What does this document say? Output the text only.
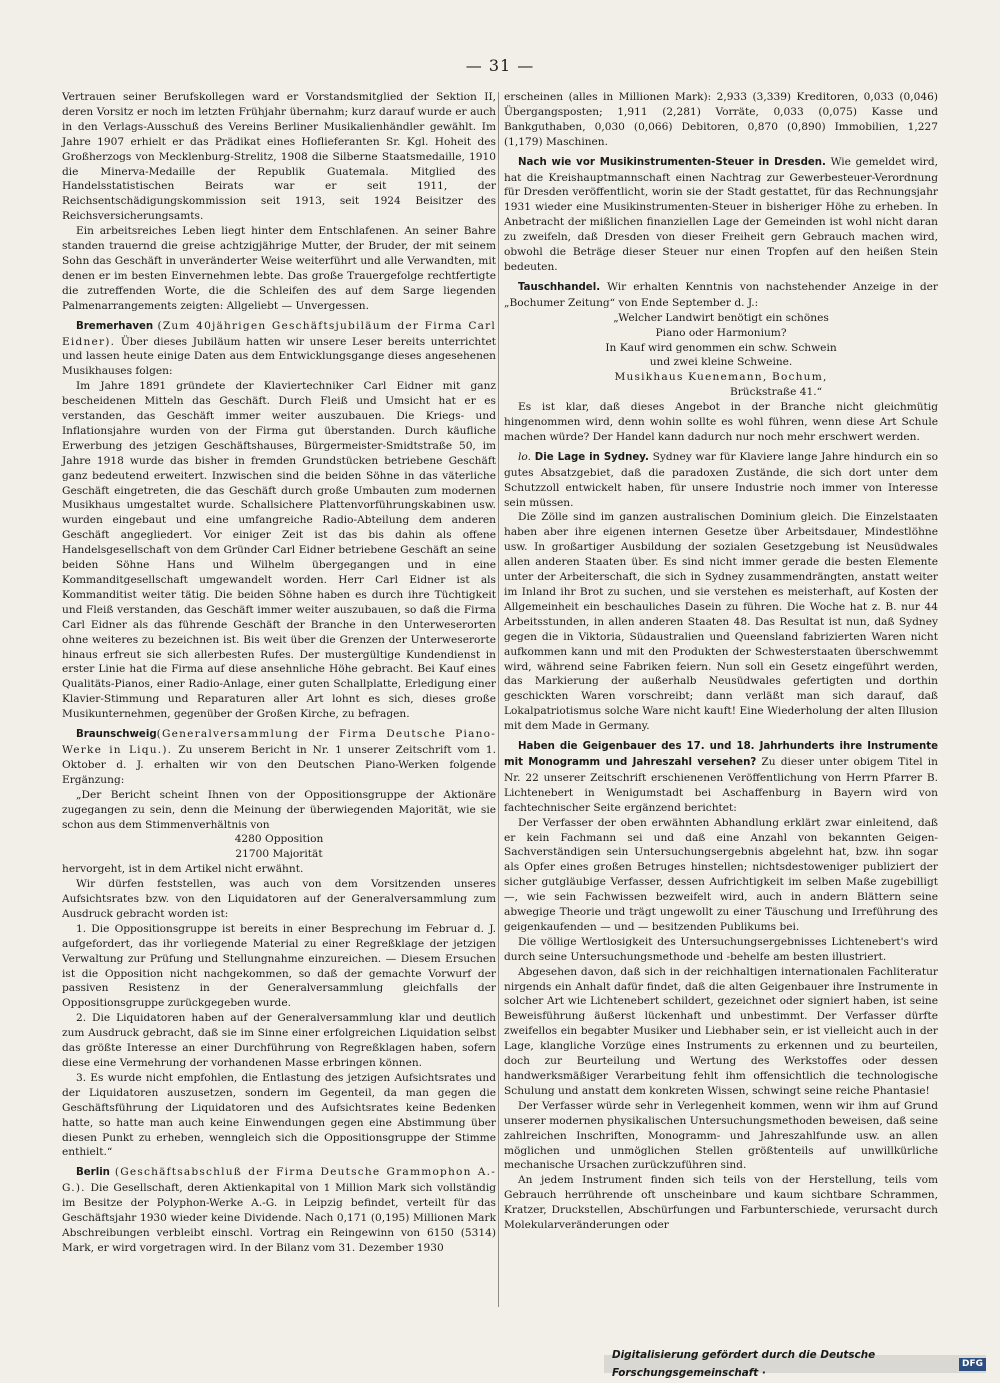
— 31 —

Vertrauen seiner Berufskollegen ward er Vorstandsmitglied der Sektion II, deren Vorsitz er noch im letzten Frühjahr übernahm; kurz darauf wurde er auch in den Verlags-Ausschuß des Vereins Berliner Musikalienhändler gewählt. Im Jahre 1907 erhielt er das Prädikat eines Hoflieferanten Sr. Kgl. Hoheit des Großherzogs von Mecklenburg-Strelitz, 1908 die Silberne Staatsmedaille, 1910 die Minerva-Medaille der Republik Guatemala. Mitglied des Handelsstatistischen Beirats war er seit 1911, der Reichsentschädigungskommission seit 1913, seit 1924 Beisitzer des Reichsversicherungsamts.

Ein arbeitsreiches Leben liegt hinter dem Entschlafenen. An seiner Bahre standen trauernd die greise achtzigjährige Mutter, der Bruder, der mit seinem Sohn das Geschäft in unveränderter Weise weiterführt und alle Verwandten, mit denen er im besten Einvernehmen lebte. Das große Trauergefolge rechtfertigte die zutreffenden Worte, die die Schleifen des auf dem Sarge liegenden Palmenarrangements zeigten: Allgeliebt — Unvergessen.

Bremerhaven (Zum 40jährigen Geschäftsjubiläum der Firma Carl Eidner). Über dieses Jubiläum hatten wir unsere Leser bereits unterrichtet und lassen heute einige Daten aus dem Entwicklungsgange dieses angesehenen Musikhauses folgen:

Im Jahre 1891 gründete der Klaviertechniker Carl Eidner mit ganz bescheidenen Mitteln das Geschäft. Durch Fleiß und Umsicht hat er es verstanden, das Geschäft immer weiter auszubauen. Die Kriegs- und Inflationsjahre wurden von der Firma gut überstanden. Durch käufliche Erwerbung des jetzigen Geschäftshauses, Bürgermeister-Smidtstraße 50, im Jahre 1918 wurde das bisher in fremden Grundstücken betriebene Geschäft ganz bedeutend erweitert. Inzwischen sind die beiden Söhne in das väterliche Geschäft eingetreten, die das Geschäft durch große Umbauten zum modernen Musikhaus umgestaltet wurde. Schallsichere Plattenvorführungskabinen usw. wurden eingebaut und eine umfangreiche Radio-Abteilung dem anderen Geschäft angegliedert. Vor einiger Zeit ist das bis dahin als offene Handelsgesellschaft von dem Gründer Carl Eidner betriebene Geschäft an seine beiden Söhne Hans und Wilhelm übergegangen und in eine Kommanditgesellschaft umgewandelt worden. Herr Carl Eidner ist als Kommanditist weiter tätig. Die beiden Söhne haben es durch ihre Tüchtigkeit und Fleiß verstanden, das Geschäft immer weiter auszubauen, so daß die Firma Carl Eidner als das führende Geschäft der Branche in den Unterweserorten ohne weiteres zu bezeichnen ist. Bis weit über die Grenzen der Unterweserorte hinaus erfreut sie sich allerbesten Rufes. Der mustergültige Kundendienst in erster Linie hat die Firma auf diese ansehnliche Höhe gebracht. Bei Kauf eines Qualitäts-Pianos, einer Radio-Anlage, einer guten Schallplatte, Erledigung einer Klavier-Stimmung und Reparaturen aller Art lohnt es sich, dieses große Musikunternehmen, gegenüber der Großen Kirche, zu befragen.

Braunschweig(Generalversammlung der Firma Deutsche Piano-Werke in Liqu.). Zu unserem Bericht in Nr. 1 unserer Zeitschrift vom 1. Oktober d. J. erhalten wir von den Deutschen Piano-Werken folgende Ergänzung:

„Der Bericht scheint Ihnen von der Oppositionsgruppe der Aktionäre zugegangen zu sein, denn die Meinung der überwiegenden Majorität, wie sie schon aus dem Stimmenverhältnis von

4280 Opposition

21700 Majorität

hervorgeht, ist in dem Artikel nicht erwähnt.

Wir dürfen feststellen, was auch von dem Vorsitzenden unseres Aufsichtsrates bzw. von den Liquidatoren auf der Generalversammlung zum Ausdruck gebracht worden ist:

1. Die Oppositionsgruppe ist bereits in einer Besprechung im Februar d. J. aufgefordert, das ihr vorliegende Material zu einer Regreßklage der jetzigen Verwaltung zur Prüfung und Stellungnahme einzureichen. — Diesem Ersuchen ist die Opposition nicht nachgekommen, so daß der gemachte Vorwurf der passiven Resistenz in der Generalversammlung gleichfalls der Oppositionsgruppe zurückgegeben wurde.

2. Die Liquidatoren haben auf der Generalversammlung klar und deutlich zum Ausdruck gebracht, daß sie im Sinne einer erfolgreichen Liquidation selbst das größte Interesse an einer Durchführung von Regreßklagen haben, sofern diese eine Vermehrung der vorhandenen Masse erbringen können.

3. Es wurde nicht empfohlen, die Entlastung des jetzigen Aufsichtsrates und der Liquidatoren auszusetzen, sondern im Gegenteil, da man gegen die Geschäftsführung der Liquidatoren und des Aufsichtsrates keine Bedenken hatte, so hatte man auch keine Einwendungen gegen eine Abstimmung über diesen Punkt zu erheben, wenngleich sich die Oppositionsgruppe der Stimme enthielt.“

Berlin (Geschäftsabschluß der Firma Deutsche Grammophon A.-G.). Die Gesellschaft, deren Aktienkapital von 1 Million Mark sich vollständig im Besitze der Polyphon-Werke A.-G. in Leipzig befindet, verteilt für das Geschäftsjahr 1930 wieder keine Dividende. Nach 0,171 (0,195) Millionen Mark Abschreibungen verbleibt einschl. Vortrag ein Reingewinn von 6150 (5314) Mark, er wird vorgetragen wird. In der Bilanz vom 31. Dezember 1930

erscheinen (alles in Millionen Mark): 2,933 (3,339) Kreditoren, 0,033 (0,046) Übergangsposten; 1,911 (2,281) Vorräte, 0,033 (0,075) Kasse und Bankguthaben, 0,030 (0,066) Debitoren, 0,870 (0,890) Immobilien, 1,227 (1,179) Maschinen.

Nach wie vor Musikinstrumenten-Steuer in Dresden. Wie gemeldet wird, hat die Kreishauptmannschaft einen Nachtrag zur Gewerbesteuer-Verordnung für Dresden veröffentlicht, worin sie der Stadt gestattet, für das Rechnungsjahr 1931 wieder eine Musikinstrumenten-Steuer in bisheriger Höhe zu erheben. In Anbetracht der mißlichen finanziellen Lage der Gemeinden ist wohl nicht daran zu zweifeln, daß Dresden von dieser Freiheit gern Gebrauch machen wird, obwohl die Beträge dieser Steuer nur einen Tropfen auf den heißen Stein bedeuten.

Tauschhandel. Wir erhalten Kenntnis von nachstehender Anzeige in der „Bochumer Zeitung“ von Ende September d. J.:

„Welcher Landwirt benötigt ein schönes

Piano oder Harmonium?

In Kauf wird genommen ein schw. Schwein

und zwei kleine Schweine.

Musikhaus Kuenemann, Bochum,

Brückstraße 41.“

Es ist klar, daß dieses Angebot in der Branche nicht gleichmütig hingenommen wird, denn wohin sollte es wohl führen, wenn diese Art Schule machen würde? Der Handel kann dadurch nur noch mehr erschwert werden.

lo. Die Lage in Sydney. Sydney war für Klaviere lange Jahre hindurch ein so gutes Absatzgebiet, daß die paradoxen Zustände, die sich dort unter dem Schutzzoll entwickelt haben, für unsere Industrie noch immer von Interesse sein müssen.

Die Zölle sind im ganzen australischen Dominium gleich. Die Einzelstaaten haben aber ihre eigenen internen Gesetze über Arbeitsdauer, Mindestlöhne usw. In großartiger Ausbildung der sozialen Gesetzgebung ist Neusüdwales allen anderen Staaten über. Es sind nicht immer gerade die besten Elemente unter der Arbeiterschaft, die sich in Sydney zusammendrängten, anstatt weiter im Inland ihr Brot zu suchen, und sie verstehen es meisterhaft, auf Kosten der Allgemeinheit ein beschauliches Dasein zu führen. Die Woche hat z. B. nur 44 Arbeitsstunden, in allen anderen Staaten 48. Das Resultat ist nun, daß Sydney gegen die in Viktoria, Südaustralien und Queensland fabrizierten Waren nicht aufkommen kann und mit den Produkten der Schwesterstaaten überschwemmt wird, während seine Fabriken feiern. Nun soll ein Gesetz eingeführt werden, das Markierung der außerhalb Neusüdwales gefertigten und dorthin geschickten Waren vorschreibt; dann verläßt man sich darauf, daß Lokalpatriotismus solche Ware nicht kauft! Eine Wiederholung der alten Illusion mit dem Made in Germany.

Haben die Geigenbauer des 17. und 18. Jahrhunderts ihre Instrumente mit Monogramm und Jahreszahl versehen? Zu dieser unter obigem Titel in Nr. 22 unserer Zeitschrift erschienenen Veröffentlichung von Herrn Pfarrer B. Lichtenebert in Wenigumstadt bei Aschaffenburg in Bayern wird von fachtechnischer Seite ergänzend berichtet:

Der Verfasser der oben erwähnten Abhandlung erklärt zwar einleitend, daß er kein Fachmann sei und daß eine Anzahl von bekannten Geigen-Sachverständigen sein Untersuchungsergebnis abgelehnt hat, bzw. ihn sogar als Opfer eines großen Betruges hinstellen; nichtsdestoweniger publiziert der sicher gutgläubige Verfasser, dessen Aufrichtigkeit im selben Maße zugebilligt —, wie sein Fachwissen bezweifelt wird, auch in andern Blättern seine abwegige Theorie und trägt ungewollt zu einer Täuschung und Irreführung des geigenkaufenden — und — besitzenden Publikums bei.

Die völlige Wertlosigkeit des Untersuchungsergebnisses Lichtenebert's wird durch seine Untersuchungsmethode und -behelfe am besten illustriert.

Abgesehen davon, daß sich in der reichhaltigen internationalen Fachliteratur nirgends ein Anhalt dafür findet, daß die alten Geigenbauer ihre Instrumente in solcher Art wie Lichtenebert schildert, gezeichnet oder signiert haben, ist seine Beweisführung äußerst lückenhaft und unbestimmt. Der Verfasser dürfte zweifellos ein begabter Musiker und Liebhaber sein, er ist vielleicht auch in der Lage, klangliche Vorzüge eines Instruments zu erkennen und zu beurteilen, doch zur Beurteilung und Wertung des Werkstoffes oder dessen handwerksmäßiger Verarbeitung fehlt ihm offensichtlich die technologische Schulung und anstatt dem konkreten Wissen, schwingt seine reiche Phantasie!

Der Verfasser würde sehr in Verlegenheit kommen, wenn wir ihm auf Grund unserer modernen physikalischen Untersuchungsmethoden beweisen, daß seine zahlreichen Inschriften, Monogramm- und Jahreszahlfunde usw. an allen möglichen und unmöglichen Stellen größtenteils auf unwillkürliche mechanische Ursachen zurückzuführen sind.

An jedem Instrument finden sich teils von der Herstellung, teils vom Gebrauch herrührende oft unscheinbare und kaum sichtbare Schrammen, Kratzer, Druckstellen, Abschürfungen und Farbunterschiede, verursacht durch Molekularveränderungen oder

Digitalisierung gefördert durch die Deutsche Forschungsgemeinschaft ·
DFG
